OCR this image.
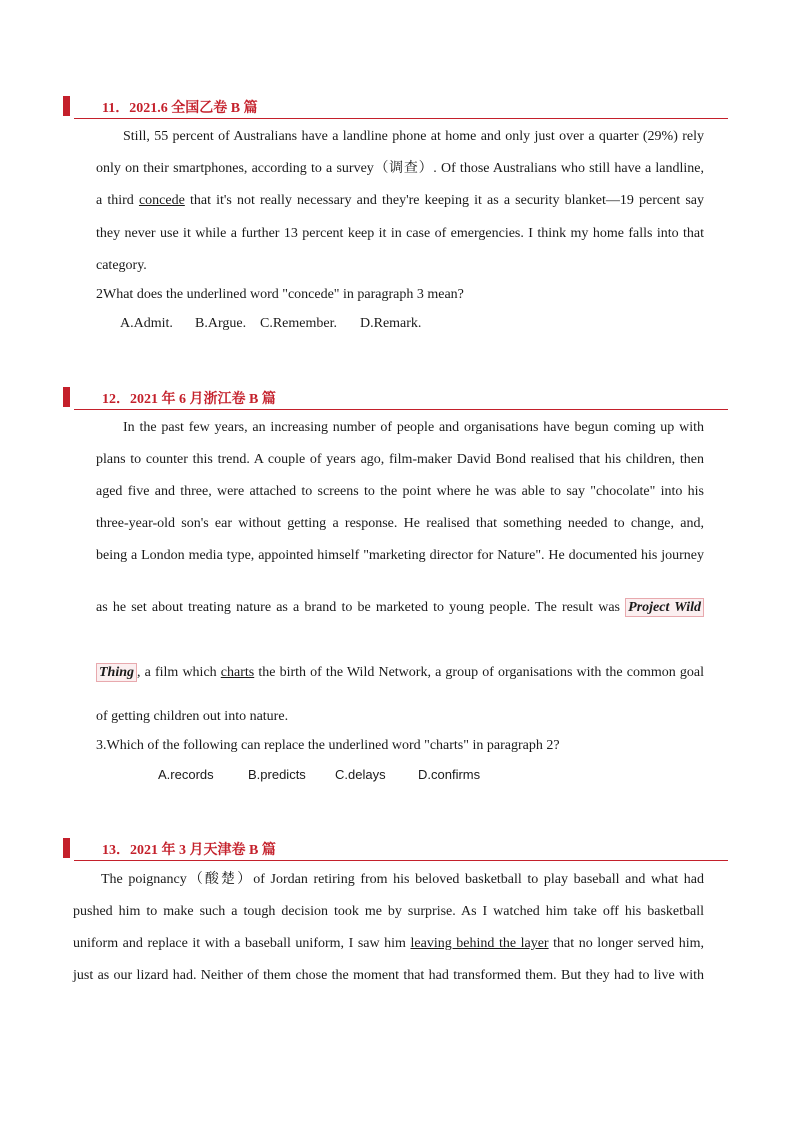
11．2021.6 全国乙卷 B 篇
Still, 55 percent of Australians have a landline phone at home and only just over a quarter (29%) rely
only on their smartphones, according to a survey（调查）. Of those Australians who still have a landline,
a third concede that it's not really necessary and they're keeping it as a security blanket—19 percent say
they never use it while a further 13 percent keep it in case of emergencies. I think my home falls into that
category.
2What does the underlined word "concede" in paragraph 3 mean?
A.Admit. B.Argue. C.Remember. D.Remark.
12．2021 年 6 月浙江卷 B 篇
In the past few years, an increasing number of people and organisations have begun coming up with
plans to counter this trend. A couple of years ago, film-maker David Bond realised that his children, then
aged five and three, were attached to screens to the point where he was able to say "chocolate" into his
three-year-old son's ear without getting a response. He realised that something needed to change, and,
being a London media type, appointed himself "marketing director for Nature". He documented his journey
as he set about treating nature as a brand to be marketed to young people. The result was Project Wild
Thing , a film which charts the birth of the Wild Network, a group of organisations with the common goal
of getting children out into nature.
3.Which of the following can replace the underlined word "charts" in paragraph 2?
A.records	B.predicts C.delays D.confirms
13．2021 年 3 月天津卷 B 篇
The poignancy（酸楚）of Jordan retiring from his beloved basketball to play baseball and what had
pushed him to make such a tough decision took me by surprise. As I watched him take off his basketball
uniform and replace it with a baseball uniform, I saw him leaving behind the layer that no longer served him,
just as our lizard had. Neither of them chose the moment that had transformed them. But they had to live with
